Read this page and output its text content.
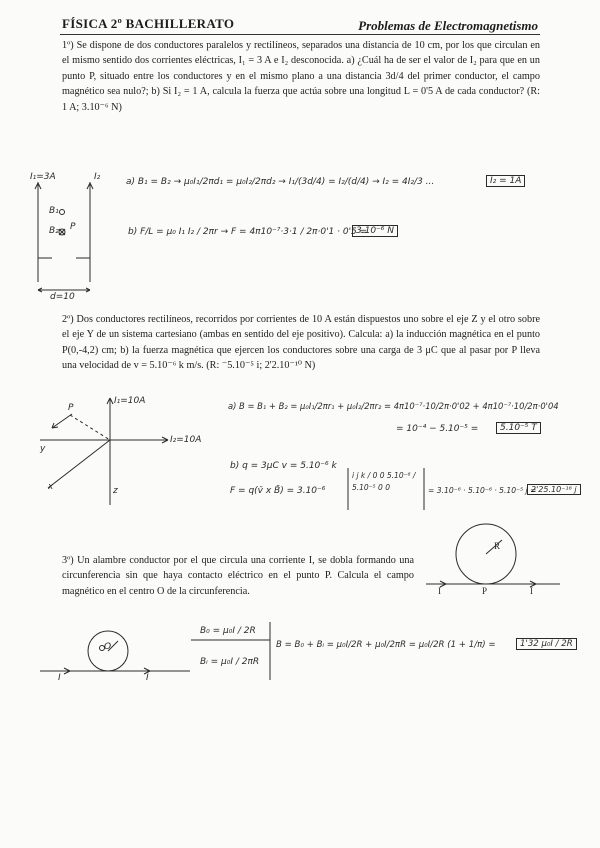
FÍSICA 2º BACHILLERATO	Problemas de Electromagnetismo
1º) Se dispone de dos conductores paralelos y rectilíneos, separados una distancia de 10 cm, por los que circulan en el mismo sentido dos corrientes eléctricas, I₁ = 3 A e I₂ desconocida. a) ¿Cuál ha de ser el valor de I₂ para que en un punto P, situado entre los conductores y en el mismo plano a una distancia 3d/4 del primer conductor, el campo magnético sea nulo?; b) Si I₂ = 1 A, calcula la fuerza que actúa sobre una longitud L = 0'5 A de cada conductor? (R: 1 A; 3.10⁻⁶ N)
2º) Dos conductores rectilíneos, recorridos por corrientes de 10 A están dispuestos uno sobre el eje Z y el otro sobre el eje Y de un sistema cartesiano (ambas en sentido del eje positivo). Calcula: a) la inducción magnética en el punto P(0,-4,2) cm; b) la fuerza magnética que ejercen los conductores sobre una carga de 3 μC que al pasar por P lleva una velocidad de v = 5.10⁻⁶ k m/s. (R: ⁻5.10⁻⁵ i; 2'2.10⁻¹⁰ N)
3º) Un alambre conductor por el que circula una corriente I, se dobla formando una circunferencia sin que haya contacto eléctrico en el punto P. Calcula el campo magnético en el centro O de la circunferencia.
I₁=3A	I₂
B₁
B₂ P
d=10
a) B₁ = B₂ → μ₀I₁/2πd₁ = μ₀I₂/2πd₂ → I₁/(3d/4) = I₂/(d/4) → I₂ = 4I₂/3 ...	I₂ = 1A
b) F/L = μ₀ I₁ I₂ / 2πr → F = 4π10⁻⁷·3·1 / 2π·0'1 · 0'5 =
3.10⁻⁶ N
I₁=10A
I₂=10A
P
x
y
z
a) B = B₁ + B₂ = μ₀I₁/2πr₁ + μ₀I₂/2πr₂ = 4π10⁻⁷·10/2π·0'02 + 4π10⁻⁷·10/2π·0'04
= 10⁻⁴ − 5.10⁻⁵ =	5.10⁻⁵ T
b) q = 3μC v = 5.10⁻⁶ k
F = q(v̄ x B̄) = 3.10⁻⁶
i j k / 0 0 5.10⁻⁶ / 5.10⁻⁵ 0 0	= 3.10⁻⁶ · 5.10⁻⁶ · 5.10⁻⁵ j =
2'25.10⁻¹⁶ j
R
P
I	I
O
I	I
B₀ = μ₀I / 2R
Bᵢ = μ₀I / 2πR
B = B₀ + Bᵢ = μ₀I/2R + μ₀I/2πR = μ₀I/2R (1 + 1/π) =	1'32 μ₀I / 2R
